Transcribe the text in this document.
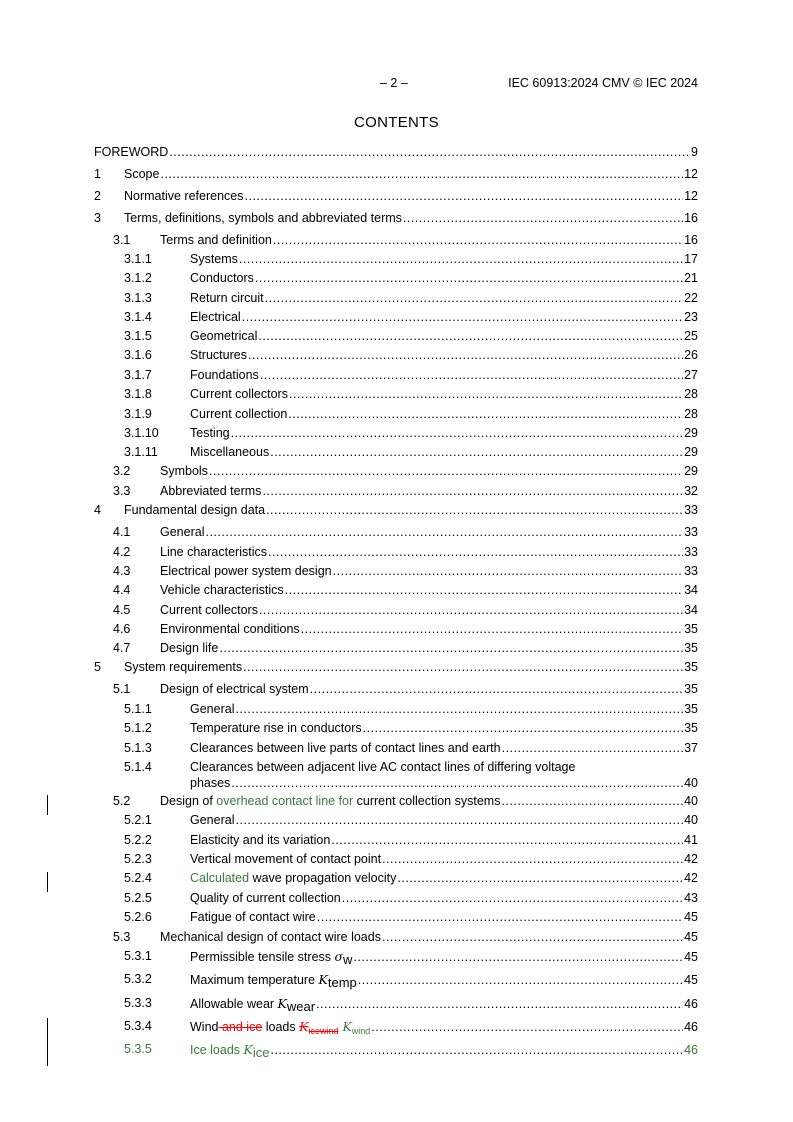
– 2 –	IEC 60913:2024 CMV © IEC 2024
CONTENTS
FOREWORD .....	9
1 Scope .....	12
2 Normative references .....	12
3 Terms, definitions, symbols and abbreviated terms .....	16
3.1 Terms and definition .....	16
3.1.1	Systems .....	17
3.1.2	Conductors .....	21
3.1.3	Return circuit .....	22
3.1.4	Electrical .....	23
3.1.5	Geometrical .....	25
3.1.6	Structures .....	26
3.1.7	Foundations .....	27
3.1.8	Current collectors .....	28
3.1.9	Current collection .....	28
3.1.10 Testing .....	29
3.1.11	Miscellaneous .....	29
3.2 Symbols .....	29
3.3 Abbreviated terms .....	32
4 Fundamental design data .....	33
4.1 General .....	33
4.2 Line characteristics .....	33
4.3 Electrical power system design .....	33
4.4 Vehicle characteristics .....	34
4.5 Current collectors .....	34
4.6 Environmental conditions .....	35
4.7 Design life .....	35
5 System requirements .....	35
5.1 Design of electrical system .....	35
5.1.1	General .....	35
5.1.2	Temperature rise in conductors .....	35
5.1.3	Clearances between live parts of contact lines and earth .....	37
5.1.4	Clearances between adjacent live AC contact lines of differing voltage
phases .....	40
5.2 Design of overhead contact line for current collection systems .....	40
5.2.1	General .....	40
5.2.2	Elasticity and its variation .....	41
5.2.3	Vertical movement of contact point .....	42
5.2.4	Calculated wave propagation velocity .....	42
5.2.5	Quality of current collection .....	43
5.2.6	Fatigue of contact wire .....	45
5.3 Mechanical design of contact wire loads .....	45
5.3.1	Permissible tensile stress σw .....	45
5.3.2	Maximum temperature Ktemp .....	45
5.3.3	Allowable wear Kwear .....	46
5.3.4	Wind and ice loads $K_{icewind}$ $K_{wind}$ .....	46
5.3.5	Ice loads Kice .....	46
